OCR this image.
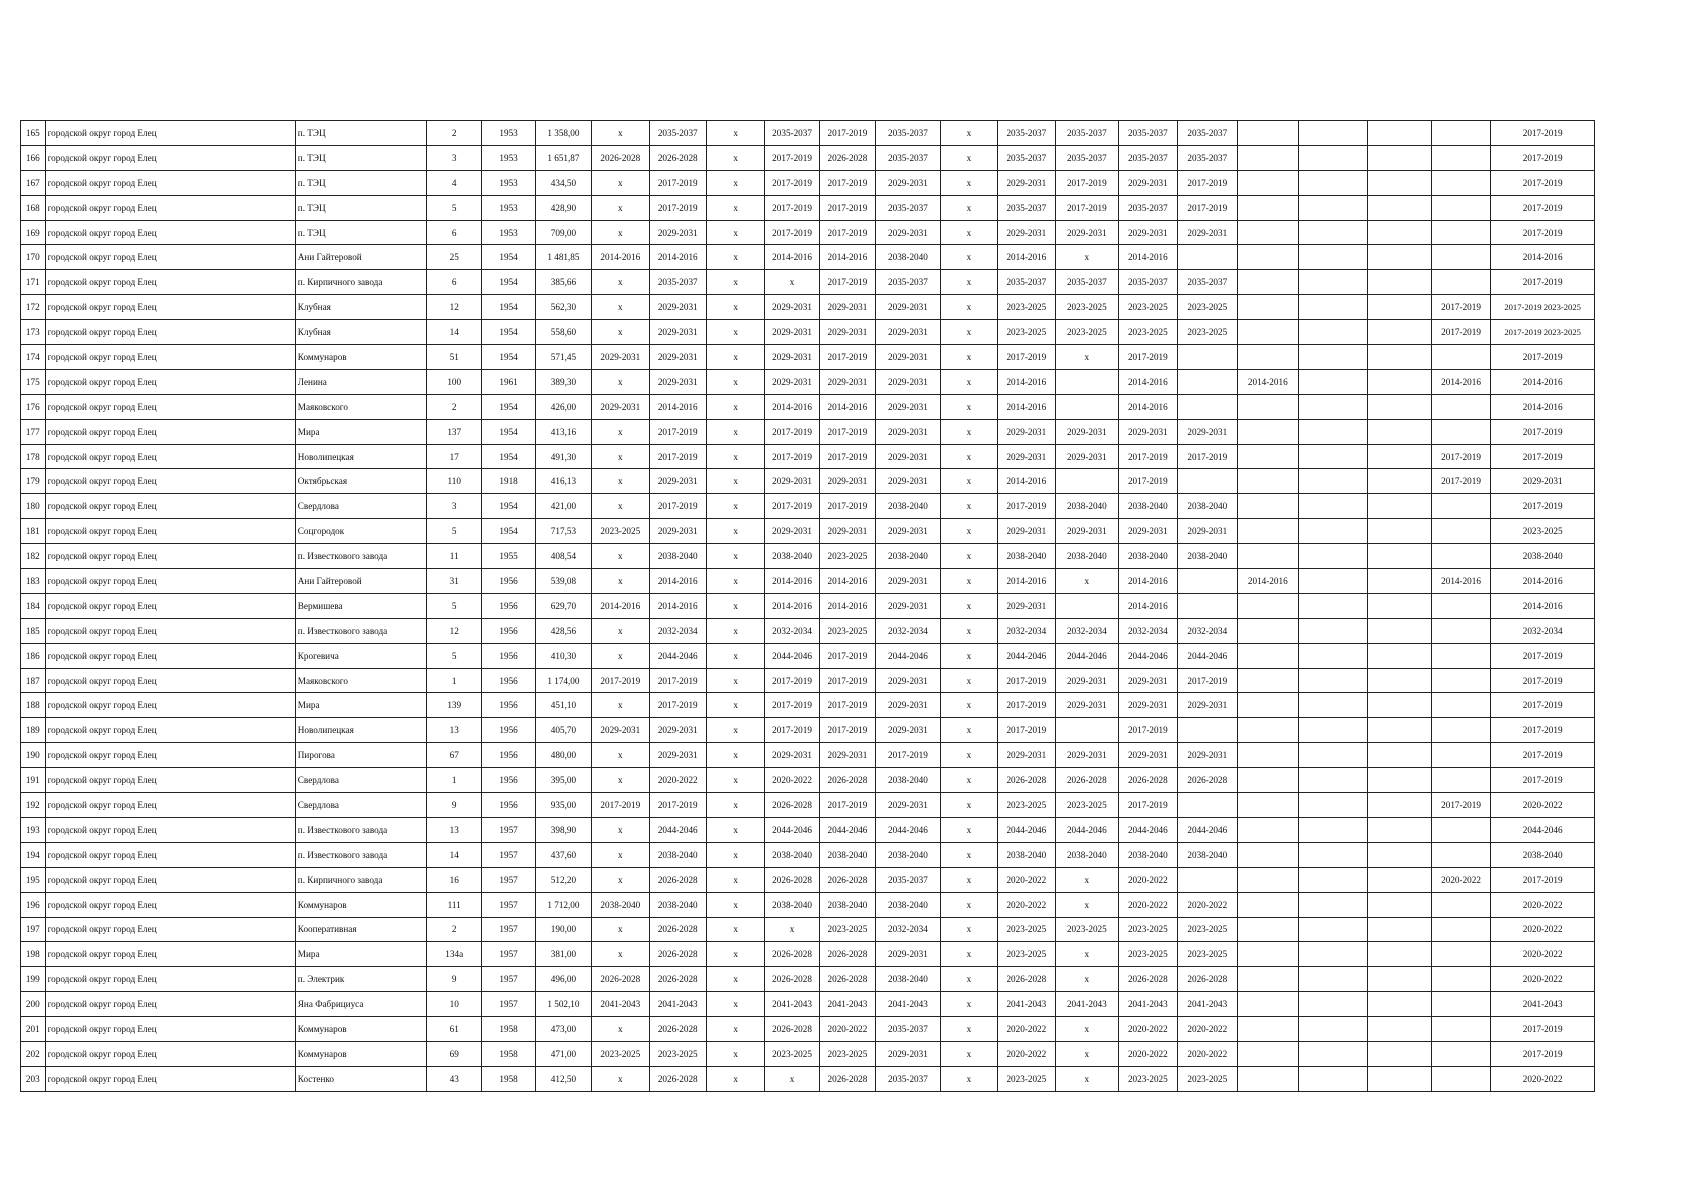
165	городской округ город Елец	п. ТЭЦ	2	1953	1 358,00	x	2035-2037	x	2035-2037	2017-2019	2035-2037	x	2035-2037	2035-2037	2035-2037	2035-2037					2017-2019
166	городской округ город Елец	п. ТЭЦ	3	1953	1 651,87	2026-2028	2026-2028	x	2017-2019	2026-2028	2035-2037	x	2035-2037	2035-2037	2035-2037	2035-2037					2017-2019
167	городской округ город Елец	п. ТЭЦ	4	1953	434,50	x	2017-2019	x	2017-2019	2017-2019	2029-2031	x	2029-2031	2017-2019	2029-2031	2017-2019					2017-2019
168	городской округ город Елец	п. ТЭЦ	5	1953	428,90	x	2017-2019	x	2017-2019	2017-2019	2035-2037	x	2035-2037	2017-2019	2035-2037	2017-2019					2017-2019
169	городской округ город Елец	п. ТЭЦ	6	1953	709,00	x	2029-2031	x	2017-2019	2017-2019	2029-2031	x	2029-2031	2029-2031	2029-2031	2029-2031					2017-2019
170	городской округ город Елец	Ани Гайтеровой	25	1954	1 481,85	2014-2016	2014-2016	x	2014-2016	2014-2016	2038-2040	x	2014-2016	x	2014-2016						2014-2016
171	городской округ город Елец	п. Кирпичного завода	6	1954	385,66	x	2035-2037	x	x	2017-2019	2035-2037	x	2035-2037	2035-2037	2035-2037	2035-2037					2017-2019
172	городской округ город Елец	Клубная	12	1954	562,30	x	2029-2031	x	2029-2031	2029-2031	2029-2031	x	2023-2025	2023-2025	2023-2025	2023-2025				2017-2019	2017-2019 2023-2025
173	городской округ город Елец	Клубная	14	1954	558,60	x	2029-2031	x	2029-2031	2029-2031	2029-2031	x	2023-2025	2023-2025	2023-2025	2023-2025				2017-2019	2017-2019 2023-2025
174	городской округ город Елец	Коммунаров	51	1954	571,45	2029-2031	2029-2031	x	2029-2031	2017-2019	2029-2031	x	2017-2019	x	2017-2019						2017-2019
175	городской округ город Елец	Ленина	100	1961	389,30	x	2029-2031	x	2029-2031	2029-2031	2029-2031	x	2014-2016		2014-2016		2014-2016			2014-2016	2014-2016
176	городской округ город Елец	Маяковского	2	1954	426,00	2029-2031	2014-2016	x	2014-2016	2014-2016	2029-2031	x	2014-2016		2014-2016						2014-2016
177	городской округ город Елец	Мира	137	1954	413,16	x	2017-2019	x	2017-2019	2017-2019	2029-2031	x	2029-2031	2029-2031	2029-2031	2029-2031					2017-2019
178	городской округ город Елец	Новолипецкая	17	1954	491,30	x	2017-2019	x	2017-2019	2017-2019	2029-2031	x	2029-2031	2029-2031	2017-2019	2017-2019				2017-2019	2017-2019
179	городской округ город Елец	Октябрьская	110	1918	416,13	x	2029-2031	x	2029-2031	2029-2031	2029-2031	x	2014-2016		2017-2019					2017-2019	2029-2031
180	городской округ город Елец	Свердлова	3	1954	421,00	x	2017-2019	x	2017-2019	2017-2019	2038-2040	x	2017-2019	2038-2040	2038-2040	2038-2040					2017-2019
181	городской округ город Елец	Соцгородок	5	1954	717,53	2023-2025	2029-2031	x	2029-2031	2029-2031	2029-2031	x	2029-2031	2029-2031	2029-2031	2029-2031					2023-2025
182	городской округ город Елец	п. Известкового завода	11	1955	408,54	x	2038-2040	x	2038-2040	2023-2025	2038-2040	x	2038-2040	2038-2040	2038-2040	2038-2040					2038-2040
183	городской округ город Елец	Ани Гайтеровой	31	1956	539,08	x	2014-2016	x	2014-2016	2014-2016	2029-2031	x	2014-2016	x	2014-2016		2014-2016			2014-2016	2014-2016
184	городской округ город Елец	Вермишева	5	1956	629,70	2014-2016	2014-2016	x	2014-2016	2014-2016	2029-2031	x	2029-2031		2014-2016						2014-2016
185	городской округ город Елец	п. Известкового завода	12	1956	428,56	x	2032-2034	x	2032-2034	2023-2025	2032-2034	x	2032-2034	2032-2034	2032-2034	2032-2034					2032-2034
186	городской округ город Елец	Крогевича	5	1956	410,30	x	2044-2046	x	2044-2046	2017-2019	2044-2046	x	2044-2046	2044-2046	2044-2046	2044-2046					2017-2019
187	городской округ город Елец	Маяковского	1	1956	1 174,00	2017-2019	2017-2019	x	2017-2019	2017-2019	2029-2031	x	2017-2019	2029-2031	2029-2031	2017-2019					2017-2019
188	городской округ город Елец	Мира	139	1956	451,10	x	2017-2019	x	2017-2019	2017-2019	2029-2031	x	2017-2019	2029-2031	2029-2031	2029-2031					2017-2019
189	городской округ город Елец	Новолипецкая	13	1956	405,70	2029-2031	2029-2031	x	2017-2019	2017-2019	2029-2031	x	2017-2019		2017-2019						2017-2019
190	городской округ город Елец	Пирогова	67	1956	480,00	x	2029-2031	x	2029-2031	2029-2031	2017-2019	x	2029-2031	2029-2031	2029-2031	2029-2031					2017-2019
191	городской округ город Елец	Свердлова	1	1956	395,00	x	2020-2022	x	2020-2022	2026-2028	2038-2040	x	2026-2028	2026-2028	2026-2028	2026-2028					2017-2019
192	городской округ город Елец	Свердлова	9	1956	935,00	2017-2019	2017-2019	x	2026-2028	2017-2019	2029-2031	x	2023-2025	2023-2025	2017-2019					2017-2019	2020-2022
193	городской округ город Елец	п. Известкового завода	13	1957	398,90	x	2044-2046	x	2044-2046	2044-2046	2044-2046	x	2044-2046	2044-2046	2044-2046	2044-2046					2044-2046
194	городской округ город Елец	п. Известкового завода	14	1957	437,60	x	2038-2040	x	2038-2040	2038-2040	2038-2040	x	2038-2040	2038-2040	2038-2040	2038-2040					2038-2040
195	городской округ город Елец	п. Кирпичного завода	16	1957	512,20	x	2026-2028	x	2026-2028	2026-2028	2035-2037	x	2020-2022	x	2020-2022					2020-2022	2017-2019
196	городской округ город Елец	Коммунаров	111	1957	1 712,00	2038-2040	2038-2040	x	2038-2040	2038-2040	2038-2040	x	2020-2022	x	2020-2022	2020-2022					2020-2022
197	городской округ город Елец	Кооперативная	2	1957	190,00	x	2026-2028	x	x	2023-2025	2032-2034	x	2023-2025	2023-2025	2023-2025	2023-2025					2020-2022
198	городской округ город Елец	Мира	134а	1957	381,00	x	2026-2028	x	2026-2028	2026-2028	2029-2031	x	2023-2025	x	2023-2025	2023-2025					2020-2022
199	городской округ город Елец	п. Электрик	9	1957	496,00	2026-2028	2026-2028	x	2026-2028	2026-2028	2038-2040	x	2026-2028	x	2026-2028	2026-2028					2020-2022
200	городской округ город Елец	Яна Фабрициуса	10	1957	1 502,10	2041-2043	2041-2043	x	2041-2043	2041-2043	2041-2043	x	2041-2043	2041-2043	2041-2043	2041-2043					2041-2043
201	городской округ город Елец	Коммунаров	61	1958	473,00	x	2026-2028	x	2026-2028	2020-2022	2035-2037	x	2020-2022	x	2020-2022	2020-2022					2017-2019
202	городской округ город Елец	Коммунаров	69	1958	471,00	2023-2025	2023-2025	x	2023-2025	2023-2025	2029-2031	x	2020-2022	x	2020-2022	2020-2022					2017-2019
203	городской округ город Елец	Костенко	43	1958	412,50	x	2026-2028	x	x	2026-2028	2035-2037	x	2023-2025	x	2023-2025	2023-2025					2020-2022
